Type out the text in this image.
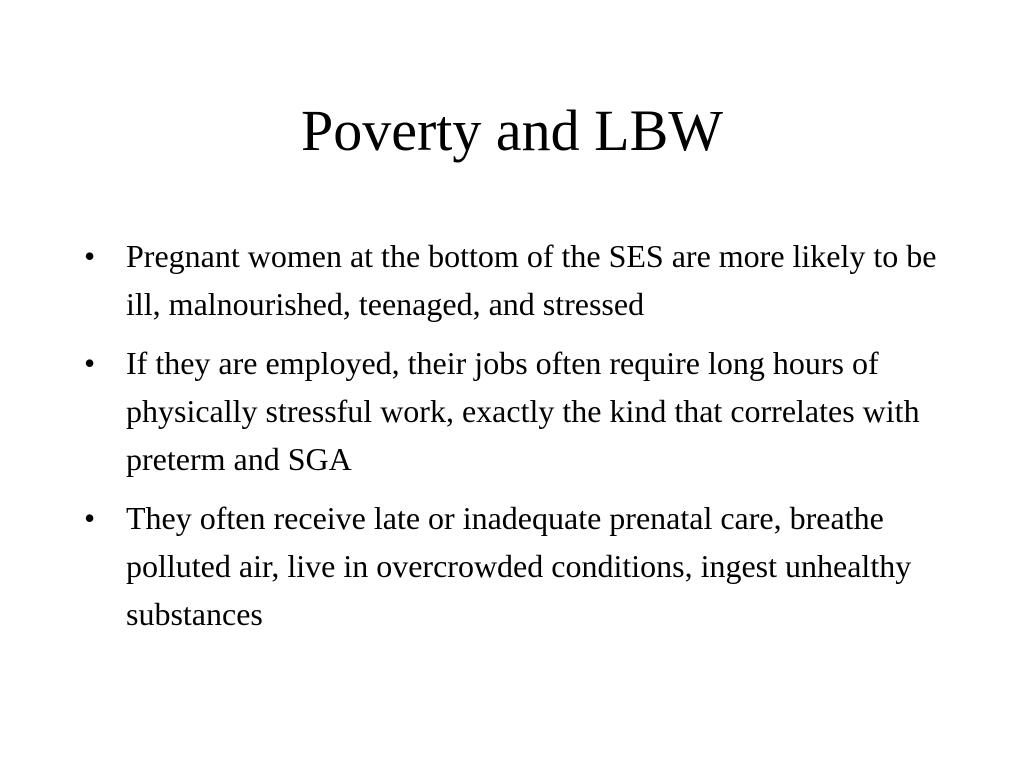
Poverty and LBW
• Pregnant women at the bottom of the SES are more likely to be ill, malnourished, teenaged, and stressed
• If they are employed, their jobs often require long hours of physically stressful work, exactly the kind that correlates with preterm and SGA
• They often receive late or inadequate prenatal care, breathe polluted air, live in overcrowded conditions, ingest unhealthy substances
